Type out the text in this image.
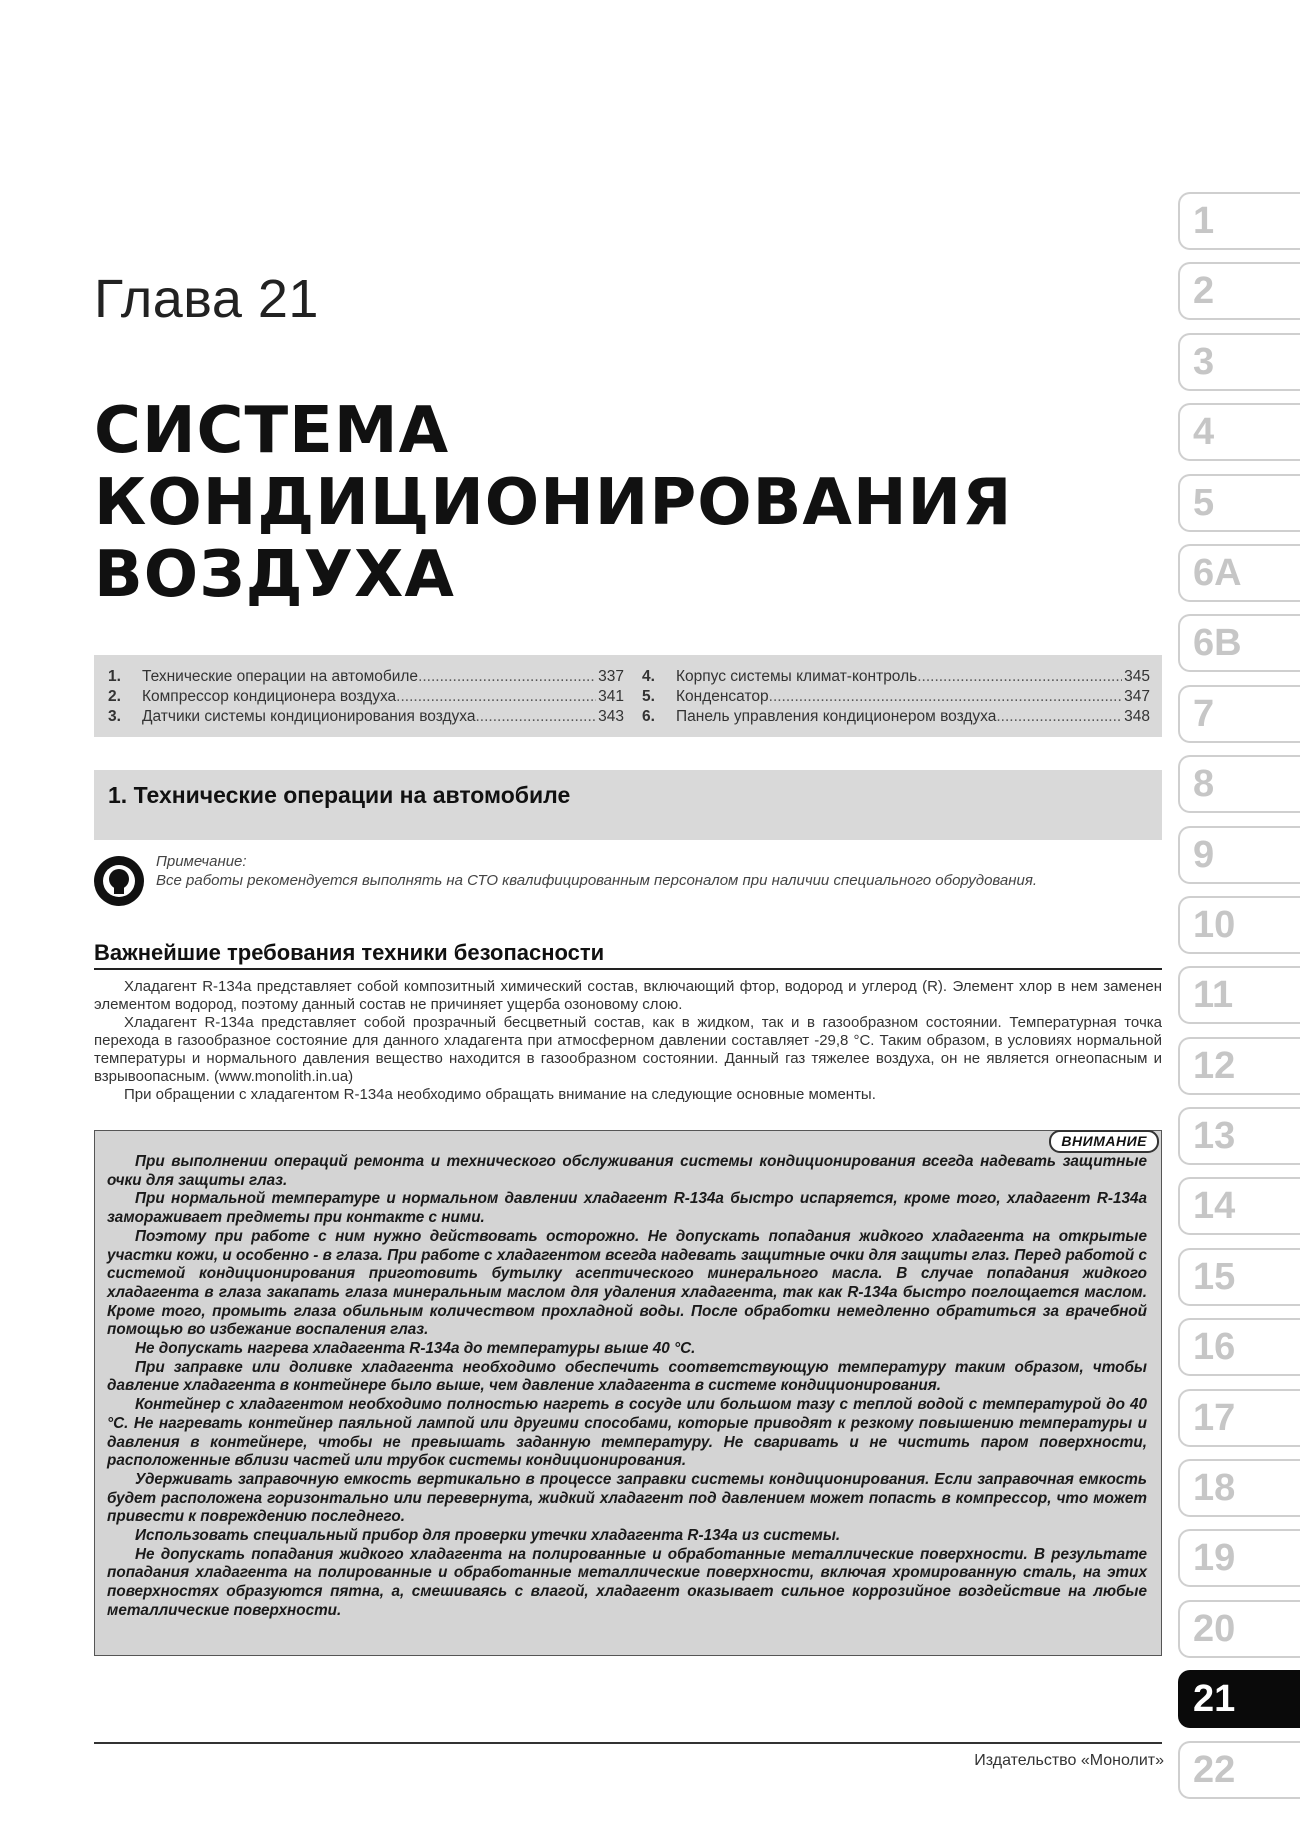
Глава 21
СИСТЕМА
КОНДИЦИОНИРОВАНИЯ
ВОЗДУХА
1.	Технические операции на автомобиле .....	337
2.	Компрессор кондиционера воздуха .....	341
3.	Датчики системы кондиционирования воздуха .....	343
4.	Корпус системы климат-контроль .....	345
5.	Конденсатор .....	347
6.	Панель управления кондиционером воздуха .....	348
1. Технические операции на автомобиле
Примечание:
Все работы рекомендуется выполнять на СТО квалифицированным персоналом при наличии специального оборудования.
Важнейшие требования техники безопасности

Хладагент R-134a представляет собой композитный химический состав, включающий фтор, водород и углерод (R). Элемент хлор в нем заменен элементом водород, поэтому данный состав не причиняет ущерба озоновому слою.

Хладагент R-134a представляет собой прозрачный бесцветный состав, как в жидком, так и в газообразном состоянии. Температурная точка перехода в газообразное состояние для данного хладагента при атмосферном давлении составляет -29,8 °С. Таким образом, в условиях нормальной температуры и нормального давления вещество находится в газообразном состоянии. Данный газ тяжелее воздуха, он не является огнеопасным и взрывоопасным. (www.monolith.in.ua)

При обращении с хладагентом R-134a необходимо обращать внимание на следующие основные моменты.

ВНИМАНИЕ

При выполнении операций ремонта и технического обслуживания системы кондиционирования всегда надевать защитные очки для защиты глаз.

При нормальной температуре и нормальном давлении хладагент R-134a быстро испаряется, кроме того, хладагент R-134a замораживает предметы при контакте с ними.

Поэтому при работе с ним нужно действовать осторожно. Не допускать попадания жидкого хладагента на открытые участки кожи, и особенно - в глаза. При работе с хладагентом всегда надевать защитные очки для защиты глаз. Перед работой с системой кондиционирования приготовить бутылку асептического минерального масла. В случае попадания жидкого хладагента в глаза закапать глаза минеральным маслом для удаления хладагента, так как R-134a быстро поглощается маслом. Кроме того, промыть глаза обильным количеством прохладной воды. После обработки немедленно обратиться за врачебной помощью во избежание воспаления глаз.

Не допускать нагрева хладагента R-134a до температуры выше 40 °С.

При заправке или доливке хладагента необходимо обеспечить соответствующую температуру таким образом, чтобы давление хладагента в контейнере было выше, чем давление хладагента в системе кондиционирования.

Контейнер с хладагентом необходимо полностью нагреть в сосуде или большом тазу с теплой водой с температурой до 40 °С. Не нагревать контейнер паяльной лампой или другими способами, которые приводят к резкому повышению температуры и давления в контейнере, чтобы не превышать заданную температуру. Не сваривать и не чистить паром поверхности, расположенные вблизи частей или трубок системы кондиционирования.

Удерживать заправочную емкость вертикально в процессе заправки системы кондиционирования. Если заправочная емкость будет расположена горизонтально или перевернута, жидкий хладагент под давлением может попасть в компрессор, что может привести к повреждению последнего.

Использовать специальный прибор для проверки утечки хладагента R-134a из системы.

Не допускать попадания жидкого хладагента на полированные и обработанные металлические поверхности. В результате попадания хладагента на полированные и обработанные металлические поверхности, включая хромированную сталь, на этих поверхностях образуются пятна, а, смешиваясь с влагой, хладагент оказывает сильное коррозийное воздействие на любые металлические поверхности.

1
2
3
4
5
6A
6B
7
8
9
10
11
12
13
14
15
16
17
18
19
20
21
22
Издательство «Монолит»
